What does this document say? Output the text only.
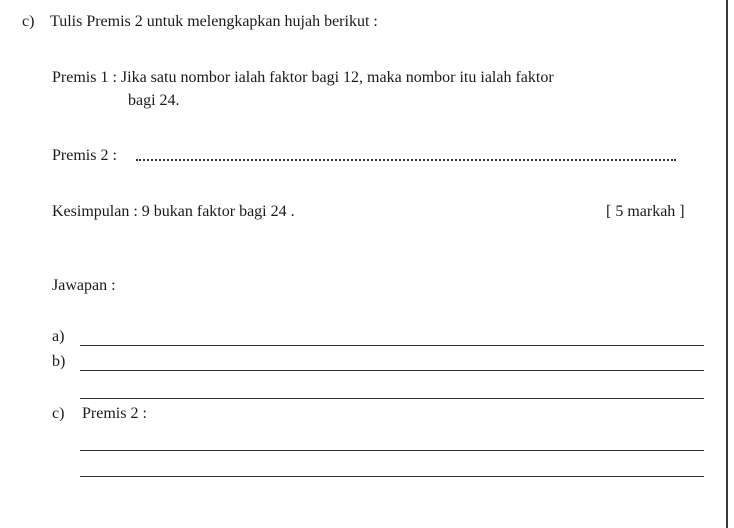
c) Tulis Premis 2 untuk melengkapkan hujah berikut :
Premis 1 : Jika satu nombor ialah faktor bagi 12, maka nombor itu ialah faktor
bagi 24.
Premis 2 :
Kesimpulan : 9 bukan faktor bagi 24 .	[ 5 markah ]
Jawapan :
a)
b)
c) Premis 2 :
